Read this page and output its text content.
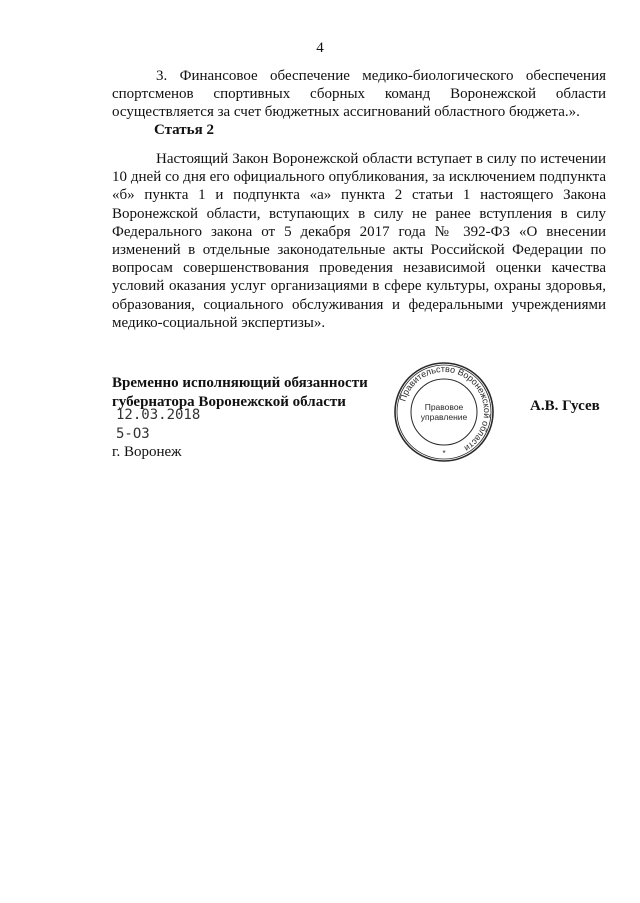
4

3. Финансовое обеспечение медико-биологического обеспечения спортсменов спортивных сборных команд Воронежской области осуществляется за счет бюджетных ассигнований областного бюджета.».

Статья 2

Настоящий Закон Воронежской области вступает в силу по истечении 10 дней со дня его официального опубликования, за исключением подпункта «б» пункта 1 и подпункта «а» пункта 2 статьи 1 настоящего Закона Воронежской области, вступающих в силу не ранее вступления в силу Федерального закона от 5 декабря 2017 года № 392-ФЗ «О внесении изменений в отдельные законодательные акты Российской Федерации по вопросам совершенствования проведения независимой оценки качества условий оказания услуг организациями в сфере культуры, охраны здоровья, образования, социального обслуживания и федеральными учреждениями медико-социальной экспертизы».

Временно исполняющий обязанности
губернатора Воронежской области
12.03.2018
5-ОЗ
г. Воронеж
А.В. Гусев
Правительство Воронежской области
Правовое
управление
*
